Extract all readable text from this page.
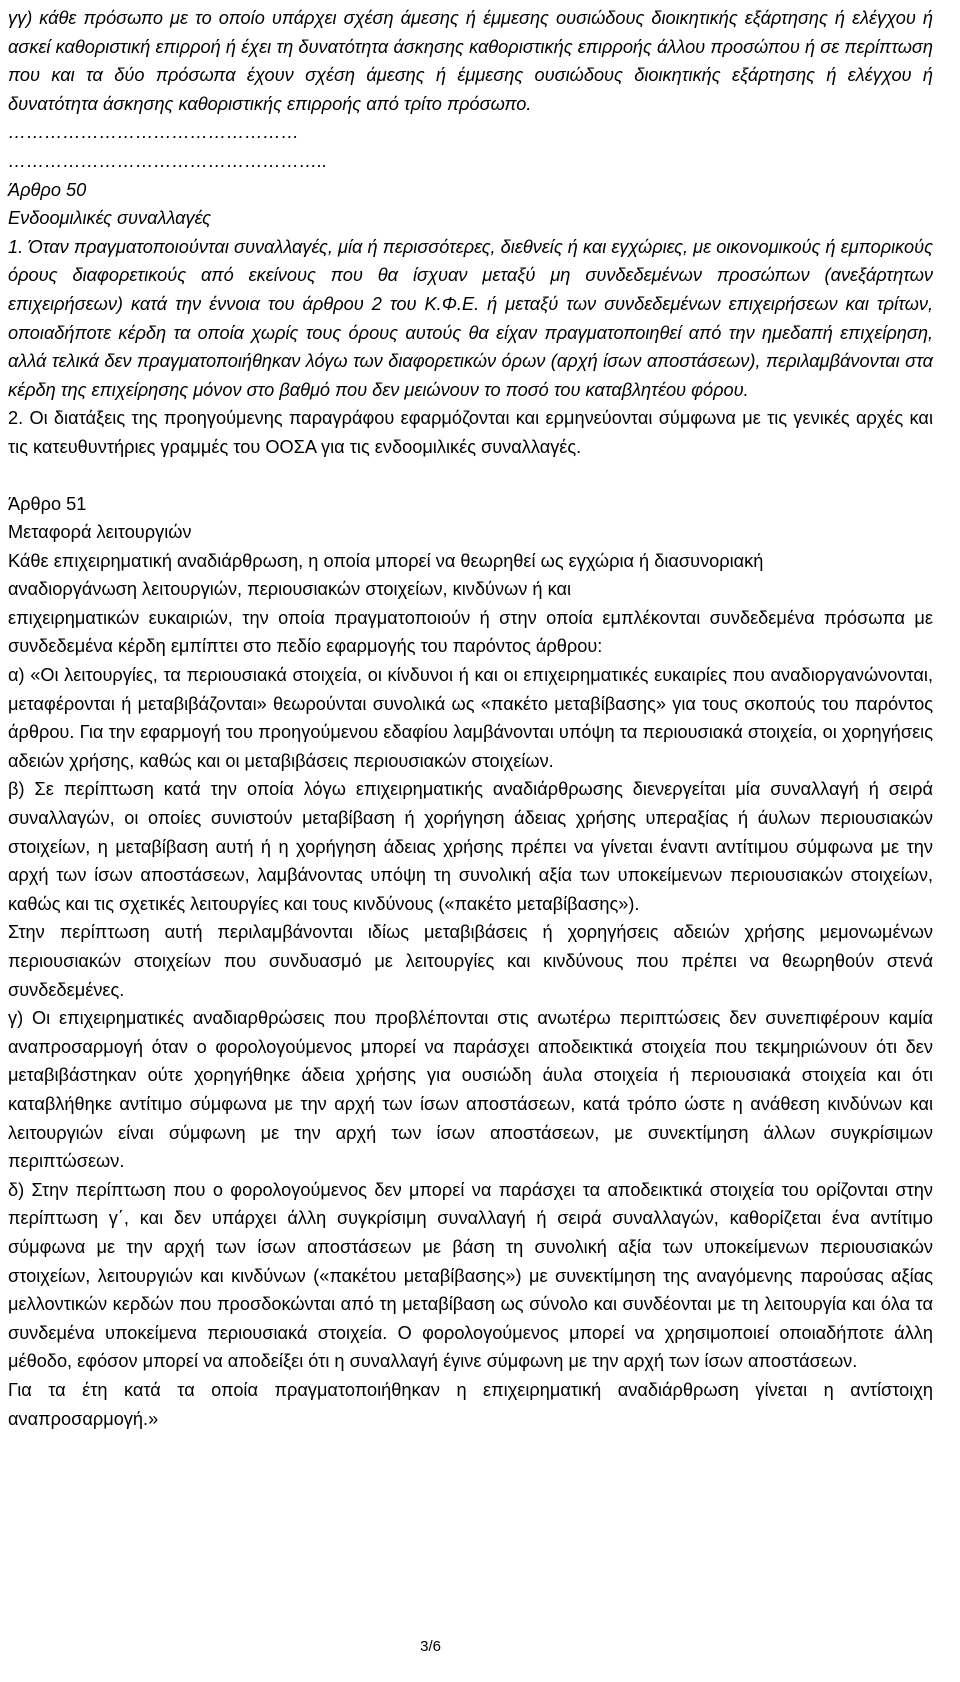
γγ) κάθε πρόσωπο με το οποίο υπάρχει σχέση άμεσης ή έμμεσης ουσιώδους διοικητικής εξάρτησης ή ελέγχου ή ασκεί καθοριστική επιρροή ή έχει τη δυνατότητα άσκησης καθοριστικής επιρροής άλλου προσώπου ή σε περίπτωση που και τα δύο πρόσωπα έχουν σχέση άμεσης ή έμμεσης ουσιώδους διοικητικής εξάρτησης ή ελέγχου ή δυνατότητα άσκησης καθοριστικής επιρροής από τρίτο πρόσωπο.

…………………………………………

……………………………………………..

Άρθρο 50

Ενδοομιλικές συναλλαγές

1. Όταν πραγματοποιούνται συναλλαγές, μία ή περισσότερες, διεθνείς ή και εγχώριες, με οικονομικούς ή εμπορικούς όρους διαφορετικούς από εκείνους που θα ίσχυαν μεταξύ μη συνδεδεμένων προσώπων (ανεξάρτητων επιχειρήσεων) κατά την έννοια του άρθρου 2 του Κ.Φ.Ε. ή μεταξύ των συνδεδεμένων επιχειρήσεων και τρίτων, οποιαδήποτε κέρδη τα οποία χωρίς τους όρους αυτούς θα είχαν πραγματοποιηθεί από την ημεδαπή επιχείρηση, αλλά τελικά δεν πραγματοποιήθηκαν λόγω των διαφορετικών όρων (αρχή ίσων αποστάσεων), περιλαμβάνονται στα κέρδη της επιχείρησης μόνον στο βαθμό που δεν μειώνουν το ποσό του καταβλητέου φόρου.

2. Οι διατάξεις της προηγούμενης παραγράφου εφαρμόζονται και ερμηνεύονται σύμφωνα με τις γενικές αρχές και τις κατευθυντήριες γραμμές του ΟΟΣΑ για τις ενδοομιλικές συναλλαγές.

Άρθρο 51

Μεταφορά λειτουργιών

Κάθε επιχειρηματική αναδιάρθρωση, η οποία μπορεί να θεωρηθεί ως εγχώρια ή διασυνοριακή

αναδιοργάνωση λειτουργιών, περιουσιακών στοιχείων, κινδύνων ή και

επιχειρηματικών ευκαιριών, την οποία πραγματοποιούν ή στην οποία εμπλέκονται συνδεδεμένα πρόσωπα με συνδεδεμένα κέρδη εμπίπτει στο πεδίο εφαρμογής του παρόντος άρθρου:

α) «Οι λειτουργίες, τα περιουσιακά στοιχεία, οι κίνδυνοι ή και οι επιχειρηματικές ευκαιρίες που αναδιοργανώνονται, μεταφέρονται ή μεταβιβάζονται» θεωρούνται συνολικά ως «πακέτο μεταβίβασης» για τους σκοπούς του παρόντος άρθρου. Για την εφαρμογή του προηγούμενου εδαφίου λαμβάνονται υπόψη τα περιουσιακά στοιχεία, οι χορηγήσεις αδειών χρήσης, καθώς και οι μεταβιβάσεις περιουσιακών στοιχείων.

β) Σε περίπτωση κατά την οποία λόγω επιχειρηματικής αναδιάρθρωσης διενεργείται μία συναλλαγή ή σειρά συναλλαγών, οι οποίες συνιστούν μεταβίβαση ή χορήγηση άδειας χρήσης υπεραξίας ή άυλων περιουσιακών στοιχείων, η μεταβίβαση αυτή ή η χορήγηση άδειας χρήσης πρέπει να γίνεται έναντι αντίτιμου σύμφωνα με την αρχή των ίσων αποστάσεων, λαμβάνοντας υπόψη τη συνολική αξία των υποκείμενων περιουσιακών στοιχείων, καθώς και τις σχετικές λειτουργίες και τους κινδύνους («πακέτο μεταβίβασης»).

Στην περίπτωση αυτή περιλαμβάνονται ιδίως μεταβιβάσεις ή χορηγήσεις αδειών χρήσης μεμονωμένων περιουσιακών στοιχείων που συνδυασμό με λειτουργίες και κινδύνους που πρέπει να θεωρηθούν στενά συνδεδεμένες.

γ) Οι επιχειρηματικές αναδιαρθρώσεις που προβλέπονται στις ανωτέρω περιπτώσεις δεν συνεπιφέρουν καμία αναπροσαρμογή όταν ο φορολογούμενος μπορεί να παράσχει αποδεικτικά στοιχεία που τεκμηριώνουν ότι δεν μεταβιβάστηκαν ούτε χορηγήθηκε άδεια χρήσης για ουσιώδη άυλα στοιχεία ή περιουσιακά στοιχεία και ότι καταβλήθηκε αντίτιμο σύμφωνα με την αρχή των ίσων αποστάσεων, κατά τρόπο ώστε η ανάθεση κινδύνων και λειτουργιών είναι σύμφωνη με την αρχή των ίσων αποστάσεων, με συνεκτίμηση άλλων συγκρίσιμων περιπτώσεων.

δ) Στην περίπτωση που ο φορολογούμενος δεν μπορεί να παράσχει τα αποδεικτικά στοιχεία του ορίζονται στην περίπτωση γ΄, και δεν υπάρχει άλλη συγκρίσιμη συναλλαγή ή σειρά συναλλαγών, καθορίζεται ένα αντίτιμο σύμφωνα με την αρχή των ίσων αποστάσεων με βάση τη συνολική αξία των υποκείμενων περιουσιακών στοιχείων, λειτουργιών και κινδύνων («πακέτου μεταβίβασης») με συνεκτίμηση της αναγόμενης παρούσας αξίας μελλοντικών κερδών που προσδοκώνται από τη μεταβίβαση ως σύνολο και συνδέονται με τη λειτουργία και όλα τα συνδεμένα υποκείμενα περιουσιακά στοιχεία. Ο φορολογούμενος μπορεί να χρησιμοποιεί οποιαδήποτε άλλη μέθοδο, εφόσον μπορεί να αποδείξει ότι η συναλλαγή έγινε σύμφωνη με την αρχή των ίσων αποστάσεων.

Για τα έτη κατά τα οποία πραγματοποιήθηκαν η επιχειρηματική αναδιάρθρωση γίνεται η αντίστοιχη αναπροσαρμογή.»

3/6
